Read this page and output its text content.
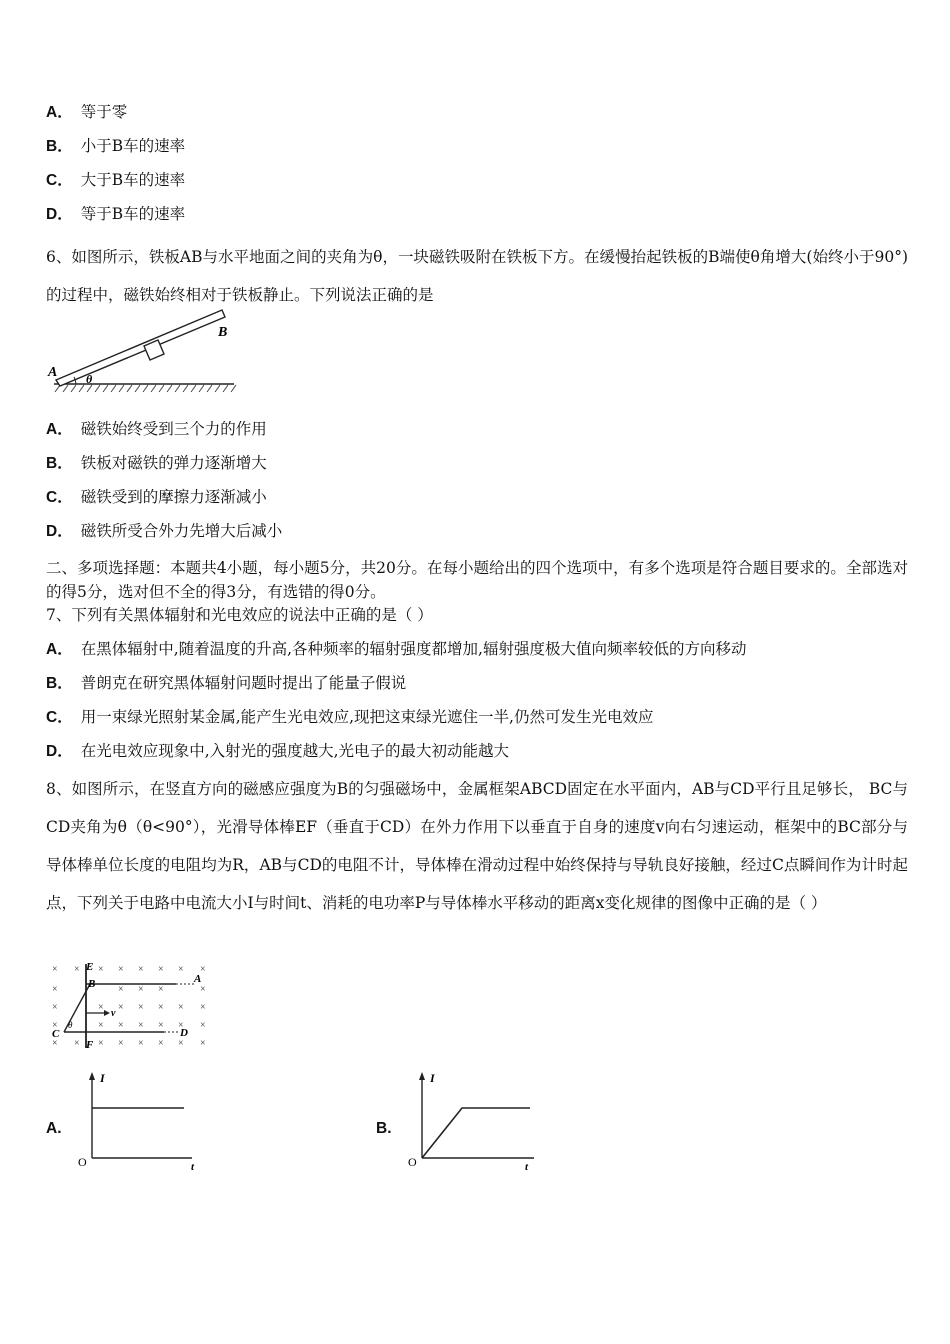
A． 等于零
B． 小于B车的速率
C． 大于B车的速率
D． 等于B车的速率

6、如图所示，铁板AB与水平地面之间的夹角为θ，一块磁铁吸附在铁板下方。在缓慢抬起铁板的B端使θ角增大(始终小于90°)的过程中，磁铁始终相对于铁板静止。下列说法正确的是

A
B
θ
A． 磁铁始终受到三个力的作用
B． 铁板对磁铁的弹力逐渐增大
C． 磁铁受到的摩擦力逐渐减小
D． 磁铁所受合外力先增大后减小

二、多项选择题：本题共4小题，每小题5分，共20分。在每小题给出的四个选项中，有多个选项是符合题目要求的。全部选对的得5分，选对但不全的得3分，有选错的得0分。

7、下列有关黑体辐射和光电效应的说法中正确的是（ ）
A． 在黑体辐射中,随着温度的升高,各种频率的辐射强度都增加,辐射强度极大值向频率较低的方向移动
B． 普朗克在研究黑体辐射问题时提出了能量子假说
C． 用一束绿光照射某金属,能产生光电效应,现把这束绿光遮住一半,仍然可发生光电效应
D． 在光电效应现象中,入射光的强度越大,光电子的最大初动能越大

8、如图所示，在竖直方向的磁感应强度为B的匀强磁场中，金属框架ABCD固定在水平面内，AB与CD平行且足够长， BC与CD夹角为θ（θ<90°），光滑导体棒EF（垂直于CD）在外力作用下以垂直于自身的速度v向右匀速运动，框架中的BC部分与导体棒单位长度的电阻均为R，AB与CD的电阻不计，导体棒在滑动过程中始终保持与导轨良好接触，经过C点瞬间作为计时起点，下列关于电路中电流大小I与时间t、消耗的电功率P与导体棒水平移动的距离x变化规律的图像中正确的是（ ）

× × × × × × × ×
×	× × ×	×
×	× × × × × ×
×	× × × × × ×
× × × × × × × ×
E
B	A
v
θ
C	D
F
A.
I
O	t
B.
I
O	t
